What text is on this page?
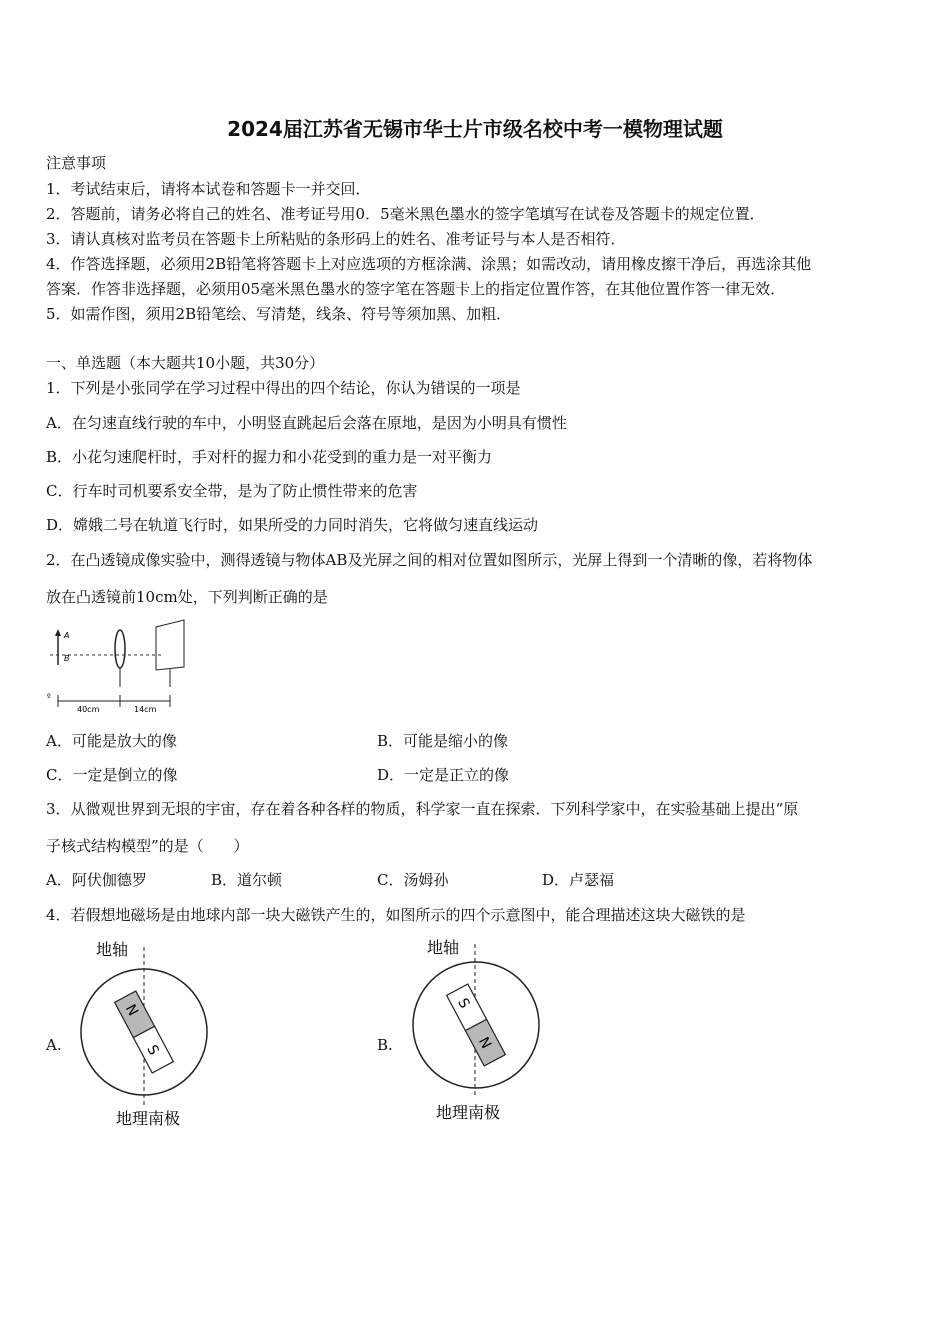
2024届江苏省无锡市华士片市级名校中考一模物理试题
注意事项
1．考试结束后，请将本试卷和答题卡一并交回．
2．答题前，请务必将自己的姓名、准考证号用0．5毫米黑色墨水的签字笔填写在试卷及答题卡的规定位置．
3．请认真核对监考员在答题卡上所粘贴的条形码上的姓名、准考证号与本人是否相符．
4．作答选择题，必须用2B铅笔将答题卡上对应选项的方框涂满、涂黑；如需改动，请用橡皮擦干净后，再选涂其他
答案．作答非选择题，必须用05毫米黑色墨水的签字笔在答题卡上的指定位置作答，在其他位置作答一律无效．
5．如需作图，须用2B铅笔绘、写清楚，线条、符号等须加黑、加粗．
一、单选题（本大题共10小题，共30分）
1．下列是小张同学在学习过程中得出的四个结论，你认为错误的一项是
A．在匀速直线行驶的车中，小明竖直跳起后会落在原地，是因为小明具有惯性
B．小花匀速爬杆时，手对杆的握力和小花受到的重力是一对平衡力
C．行车时司机要系安全带，是为了防止惯性带来的危害
D．嫦娥二号在轨道飞行时，如果所受的力同时消失，它将做匀速直线运动
2．在凸透镜成像实验中，测得透镜与物体AB及光屏之间的相对位置如图所示，光屏上得到一个清晰的像，若将物体
放在凸透镜前10cm处，下列判断正确的是
A
B
º
40cm	14cm
A．可能是放大的像	B．可能是缩小的像
C．一定是倒立的像	D．一定是正立的像
3．从微观世界到无垠的宇宙，存在着各种各样的物质，科学家一直在探索．下列科学家中，在实验基础上提出“原
子核式结构模型”的是（　　）
A．阿伏伽德罗	B．道尔顿	C．汤姆孙	D．卢瑟福
4．若假想地磁场是由地球内部一块大磁铁产生的，如图所示的四个示意图中，能合理描述这块大磁铁的是
A.	B.
地轴
N
S
地理南极
地轴
S
N
地理南极
